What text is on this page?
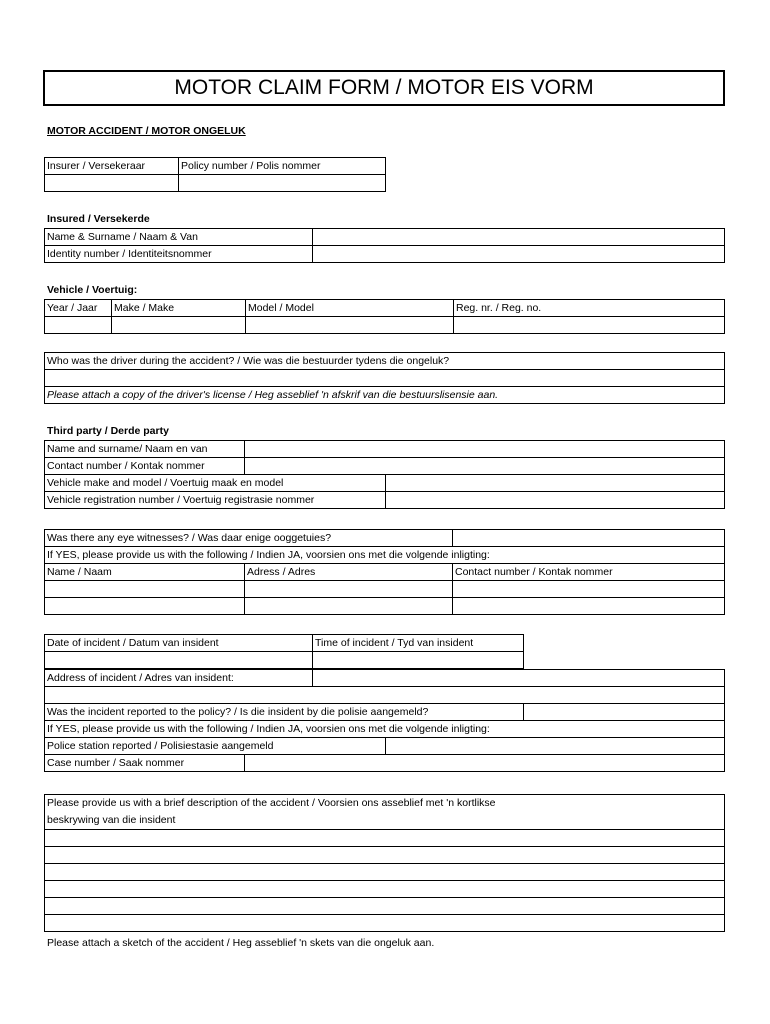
MOTOR CLAIM FORM / MOTOR EIS VORM
MOTOR ACCIDENT / MOTOR ONGELUK
Insurer / Versekeraar	Policy number / Polis nommer

Insured / Versekerde
Name & Surname / Naam & Van	
Identity number / Identiteitsnommer	
Vehicle / Voertuig:
Year / Jaar	Make / Make	Model / Model	Reg. nr. / Reg. no.

Who was the driver during the accident? / Wie was die bestuurder tydens die ongeluk?

Please attach a copy of the driver's license / Heg asseblief 'n afskrif van die bestuurslisensie aan.
Third party / Derde party
Name and surname/ Naam en van		
Contact number / Kontak nommer		
Vehicle make and model / Voertuig maak en model		
Vehicle registration number / Voertuig registrasie nommer		
Was there any eye witnesses? / Was daar enige ooggetuies?		
If YES, please provide us with the following / Indien JA, voorsien ons met die volgende inligting:		
Name / Naam	Adress / Adres	Contact number / Kontak nommer

Date of incident / Datum van insident	Time of incident / Tyd van insident

Address of incident / Adres van insident:				

Was the incident reported to the policy? / Is die insident by die polisie aangemeld?				
If YES, please provide us with the following / Indien JA, voorsien ons met die volgende inligting:				
Police station reported / Polisiestasie aangemeld				
Case number / Saak nommer				
Please provide us with a brief description of the accident / Voorsien ons asseblief met 'n kortlikse
beskrywing van die insident

Please attach a sketch of the accident / Heg asseblief 'n skets van die ongeluk aan.
